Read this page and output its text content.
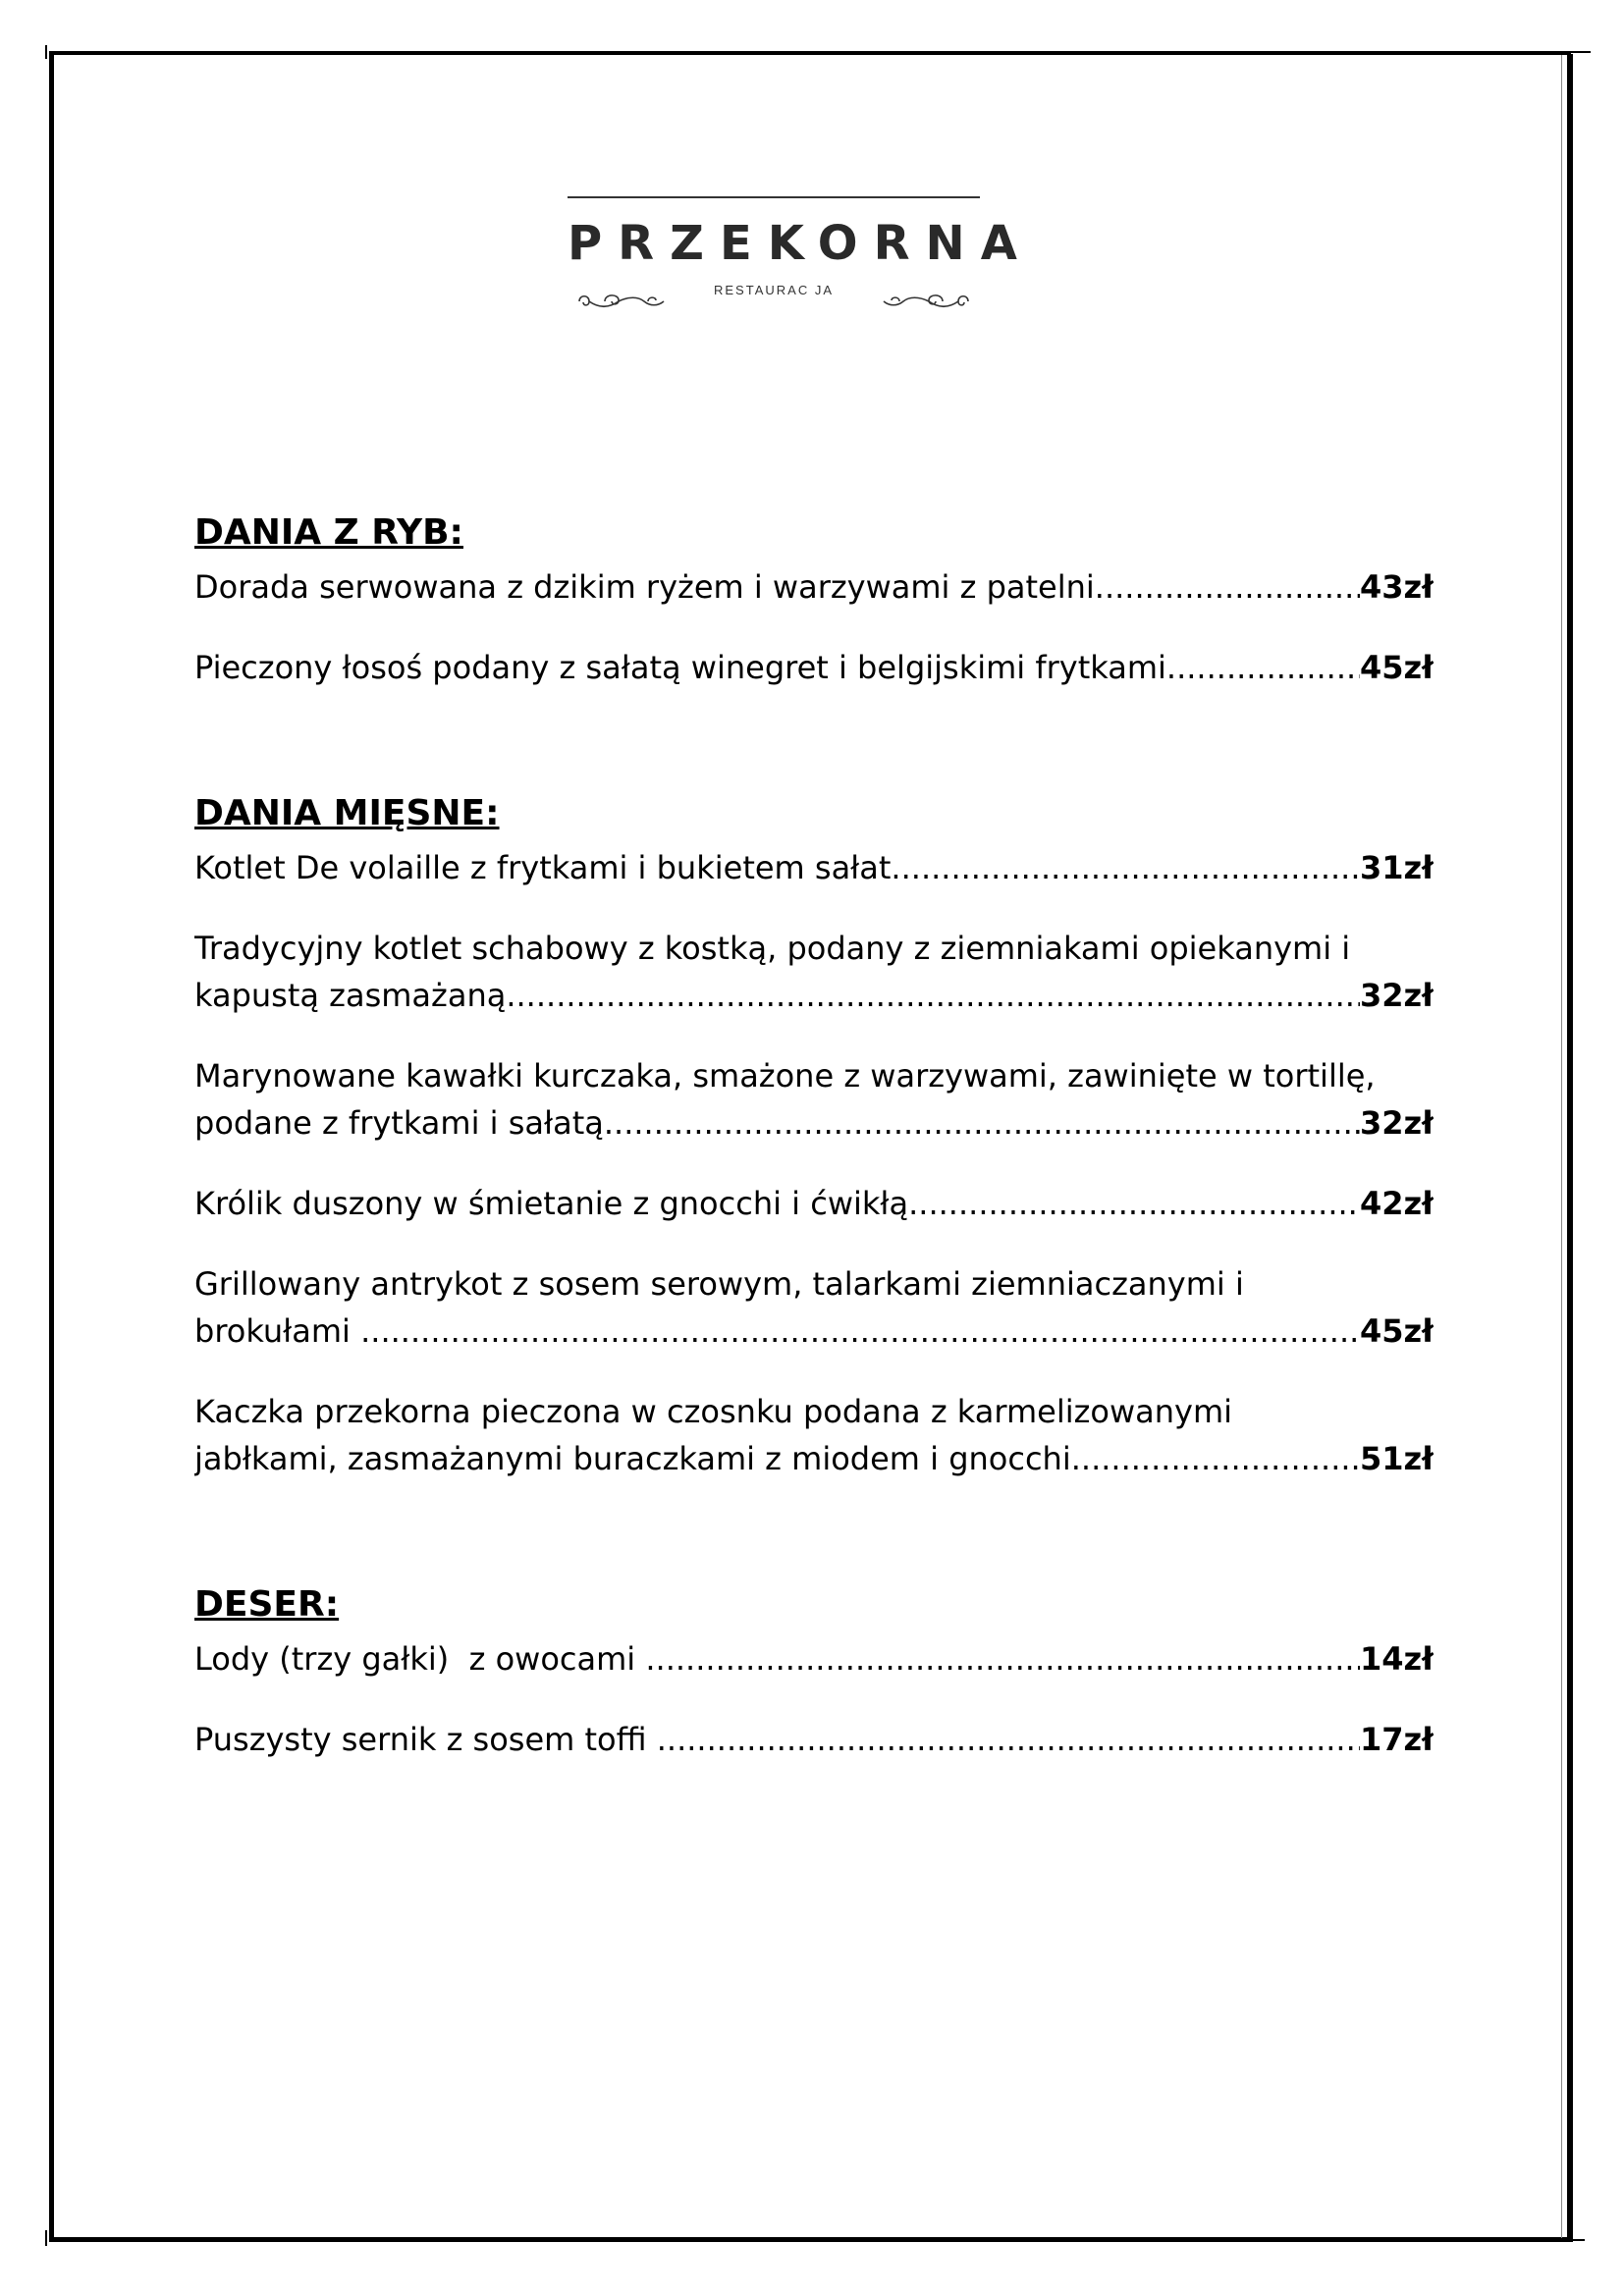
PRZEKORNA
RESTAURAC JA
DANIA Z RYB:
Dorada serwowana z dzikim ryżem i warzywami z patelni .....	43zł
Pieczony łosoś podany z sałatą winegret i belgijskimi frytkami .....	45zł
DANIA MIĘSNE:
Kotlet De volaille z frytkami i bukietem sałat .....	31zł
Tradycyjny kotlet schabowy z kostką, podany z ziemniakami opiekanymi i
kapustą zasmażaną .....	32zł
Marynowane kawałki kurczaka, smażone z warzywami, zawinięte w tortillę,
podane z frytkami i sałatą .....	32zł
Królik duszony w śmietanie z gnocchi i ćwikłą .....	42zł
Grillowany antrykot z sosem serowym, talarkami ziemniaczanymi i
brokułami .....	45zł
Kaczka przekorna pieczona w czosnku podana z karmelizowanymi
jabłkami, zasmażanymi buraczkami z miodem i gnocchi .....	51zł
DESER:
Lody (trzy gałki)  z owocami .....	14zł
Puszysty sernik z sosem toffi .....	17zł
